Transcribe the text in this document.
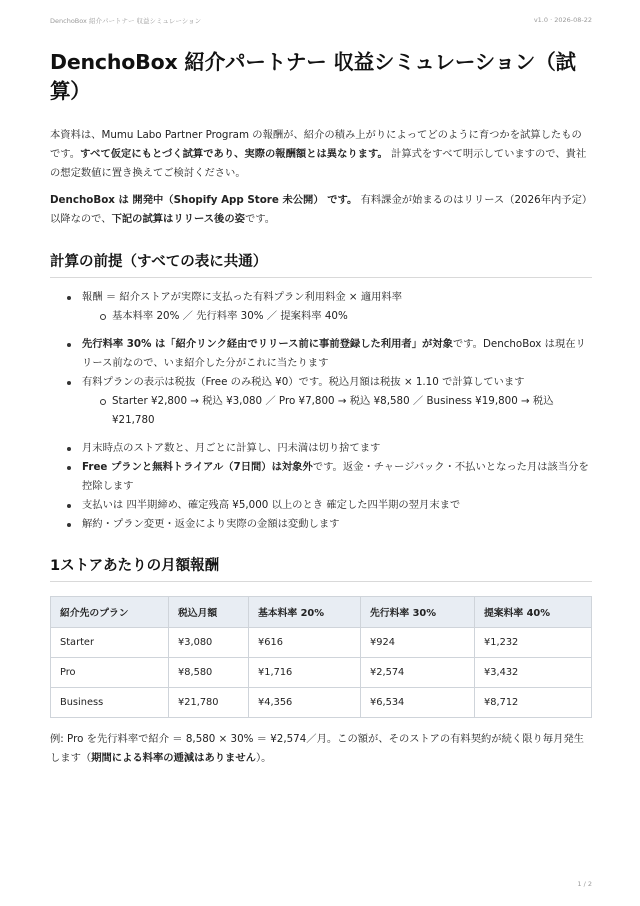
DenchoBox 紹介パートナー 収益シミュレーション	v1.0 · 2026-08-22
DenchoBox 紹介パートナー 収益シミュレーション（試算）

本資料は、Mumu Labo Partner Program の報酬が、紹介の積み上がりによってどのように育つかを試算したものです。すべて仮定にもとづく試算であり、実際の報酬額とは異なります。 計算式をすべて明示していますので、貴社の想定数値に置き換えてご検討ください。

DenchoBox は 開発中（Shopify App Store 未公開） です。 有料課金が始まるのはリリース（2026年内予定）以降なので、下記の試算はリリース後の姿です。

計算の前提（すべての表に共通）
報酬 ＝ 紹介ストアが実際に支払った有料プラン利用料金 × 適用料率
基本料率 20% ／ 先行料率 30% ／ 提案料率 40%
先行料率 30% は「紹介リンク経由でリリース前に事前登録した利用者」が対象です。DenchoBox は現在リリース前なので、いま紹介した分がこれに当たります
有料プランの表示は税抜（Free のみ税込 ¥0）です。税込月額は税抜 × 1.10 で計算しています
Starter ¥2,800 → 税込 ¥3,080 ／ Pro ¥7,800 → 税込 ¥8,580 ／ Business ¥19,800 → 税込 ¥21,780
月末時点のストア数と、月ごとに計算し、円未満は切り捨てます
Free プランと無料トライアル（7日間）は対象外です。返金・チャージバック・不払いとなった月は該当分を控除します
支払いは 四半期締め、確定残高 ¥5,000 以上のとき 確定した四半期の翌月末まで
解約・プラン変更・返金により実際の金額は変動します
1ストアあたりの月額報酬
紹介先のプラン	税込月額	基本料率 20%	先行料率 30%	提案料率 40%
Starter	¥3,080	¥616	¥924	¥1,232
Pro	¥8,580	¥1,716	¥2,574	¥3,432
Business	¥21,780	¥4,356	¥6,534	¥8,712

例: Pro を先行料率で紹介 ＝ 8,580 × 30% ＝ ¥2,574／月。この額が、そのストアの有料契約が続く限り毎月発生します（期間による料率の逓減はありません）。

1 / 2
